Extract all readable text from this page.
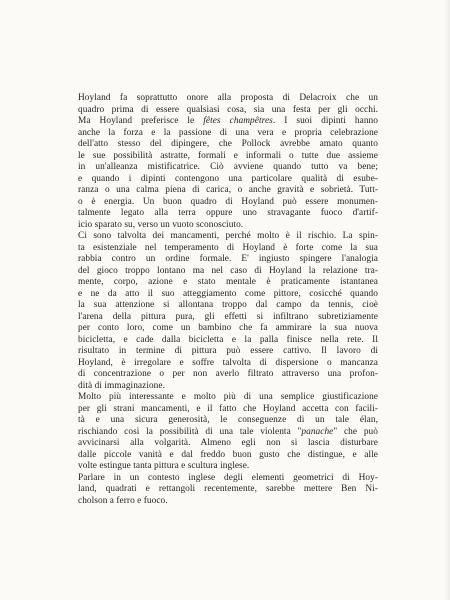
Hoyland fa soprattutto onore alla proposta di Delacroix che un
quadro prima di essere qualsiasi cosa, sia una festa per gli occhi.
Ma Hoyland preferisce le fêtes champêtres. I suoi dipinti hanno
anche la forza e la passione di una vera e propria celebrazione
dell'atto stesso del dipingere, che Pollock avrebbe amato quanto
le sue possibilità astratte, formali e informali o tutte due assieme
in un'alleanza mistificatrice. Ciò avviene quando tutto va bene;
e quando i dipinti contengono una particolare qualità di esube-
ranza o una calma piena di carica, o anche gravità e sobrietà. Tutt-
o è energia. Un buon quadro di Hoyland può essere monumen-
talmente legato alla terra oppure uno stravagante fuoco d'artif-
icio sparato su, verso un vuoto sconosciuto.
Ci sono talvolta dei mancamenti, perché molto è il rischio. La spin-
ta esistenziale nel temperamento di Hoyland è forte come la sua
rabbia contro un ordine formale. E' ingiusto spingere l'analogia
del gioco troppo lontano ma nel caso di Hoyland la relazione tra-
mente, corpo, azione e stato mentale è praticamente istantanea
e ne da atto il suo atteggiamento come pittore, cosicché quando
la sua attenzione si allontana troppo dal campo da tennis, cioè
l'arena della pittura pura, gli effetti si infiltrano subretiziamente
per conto loro, come un bambino che fa ammirare la sua nuova
bicicletta, e cade dalla bicicletta e la palla finisce nella rete. Il
risultato in termine di pittura può essere cattivo. Il lavoro di
Hoyland, è irregolare e soffre talvolta di dispersione o mancanza
di concentrazione o per non averlo filtrato attraverso una profon-
dità di immaginazione.
Molto più interessante e molto più di una semplice giustificazione
per gli strani mancamenti, e il fatto che Hoyland accetta con facili-
tà e una sicura generosità, le conseguenze di un tale élan,
rischiando così la possibilità di una tale violenta "panache" che può
avvicinarsi alla volgarità. Almeno egli non si lascia disturbare
dalle piccole vanità e dal freddo buon gusto che distingue, e alle
volte estingue tanta pittura e scultura inglese.
Parlare in un contesto inglese degli elementi geometrici di Hoy-
land, quadrati e rettangoli recentemente, sarebbe mettere Ben Ni-
cholson a ferro e fuoco.
